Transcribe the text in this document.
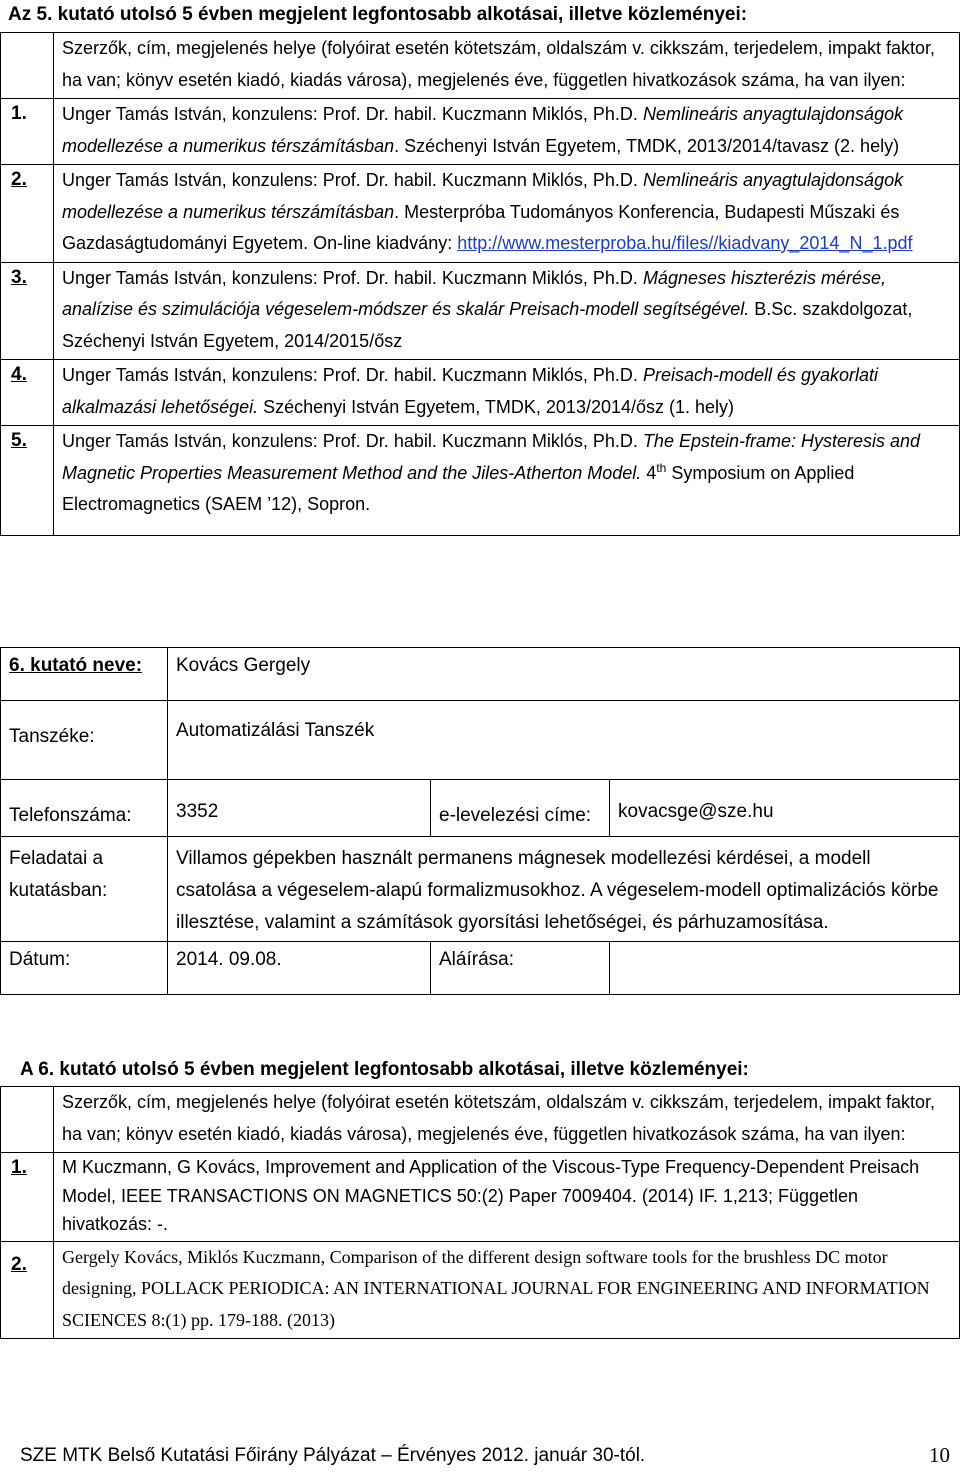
Az 5. kutató utolsó 5 évben megjelent legfontosabb alkotásai, illetve közleményei:
	Szerzők, cím, megjelenés helye (folyóirat esetén kötetszám, oldalszám v. cikkszám, terjedelem, impakt faktor, ha van; könyv esetén kiadó, kiadás városa), megjelenés éve, független hivatkozások száma, ha van ilyen:
1.	Unger Tamás István, konzulens: Prof. Dr. habil. Kuczmann Miklós, Ph.D. Nemlineáris anyagtulajdonságok modellezése a numerikus térszámításban. Széchenyi István Egyetem, TMDK, 2013/2014/tavasz (2. hely)
2.	Unger Tamás István, konzulens: Prof. Dr. habil. Kuczmann Miklós, Ph.D. Nemlineáris anyagtulajdonságok modellezése a numerikus térszámításban. Mesterpróba Tudományos Konferencia, Budapesti Műszaki és Gazdaságtudományi Egyetem. On-line kiadvány: http://www.mesterproba.hu/files//kiadvany_2014_N_1.pdf
3.	Unger Tamás István, konzulens: Prof. Dr. habil. Kuczmann Miklós, Ph.D. Mágneses hiszterézis mérése, analízise és szimulációja végeselem-módszer és skalár Preisach-modell segítségével. B.Sc. szakdolgozat, Széchenyi István Egyetem, 2014/2015/ősz
4.	Unger Tamás István, konzulens: Prof. Dr. habil. Kuczmann Miklós, Ph.D. Preisach-modell és gyakorlati alkalmazási lehetőségei. Széchenyi István Egyetem, TMDK, 2013/2014/ősz (1. hely)
5.	Unger Tamás István, konzulens: Prof. Dr. habil. Kuczmann Miklós, Ph.D. The Epstein-frame: Hysteresis and Magnetic Properties Measurement Method and the Jiles-Atherton Model. 4th Symposium on Applied Electromagnetics (SAEM ’12), Sopron.
6. kutató neve:	Kovács Gergely		
Tanszéke:	Automatizálási Tanszék		
Telefonszáma:	3352	e-levelezési címe:	kovacsge@sze.hu
Feladatai a kutatásban:	Villamos gépekben használt permanens mágnesek modellezési kérdései, a modell csatolása a végeselem-alapú formalizmusokhoz. A végeselem-modell optimalizációs körbe illesztése, valamint a számítások gyorsítási lehetőségei, és párhuzamosítása.		
Dátum:	2014. 09.08.	Aláírása:	
A 6. kutató utolsó 5 évben megjelent legfontosabb alkotásai, illetve közleményei:
	Szerzők, cím, megjelenés helye (folyóirat esetén kötetszám, oldalszám v. cikkszám, terjedelem, impakt faktor, ha van; könyv esetén kiadó, kiadás városa), megjelenés éve, független hivatkozások száma, ha van ilyen:
1.	M Kuczmann, G Kovács, Improvement and Application of the Viscous-Type Frequency-Dependent Preisach Model, IEEE TRANSACTIONS ON MAGNETICS 50:(2) Paper 7009404. (2014) IF. 1,213; Független hivatkozás: -.
2.	Gergely Kovács, Miklós Kuczmann, Comparison of the different design software tools for the brushless DC motor designing, POLLACK PERIODICA: AN INTERNATIONAL JOURNAL FOR ENGINEERING AND INFORMATION SCIENCES 8:(1) pp. 179-188. (2013)
SZE MTK Belső Kutatási Főirány Pályázat – Érvényes 2012. január 30-tól.	10
